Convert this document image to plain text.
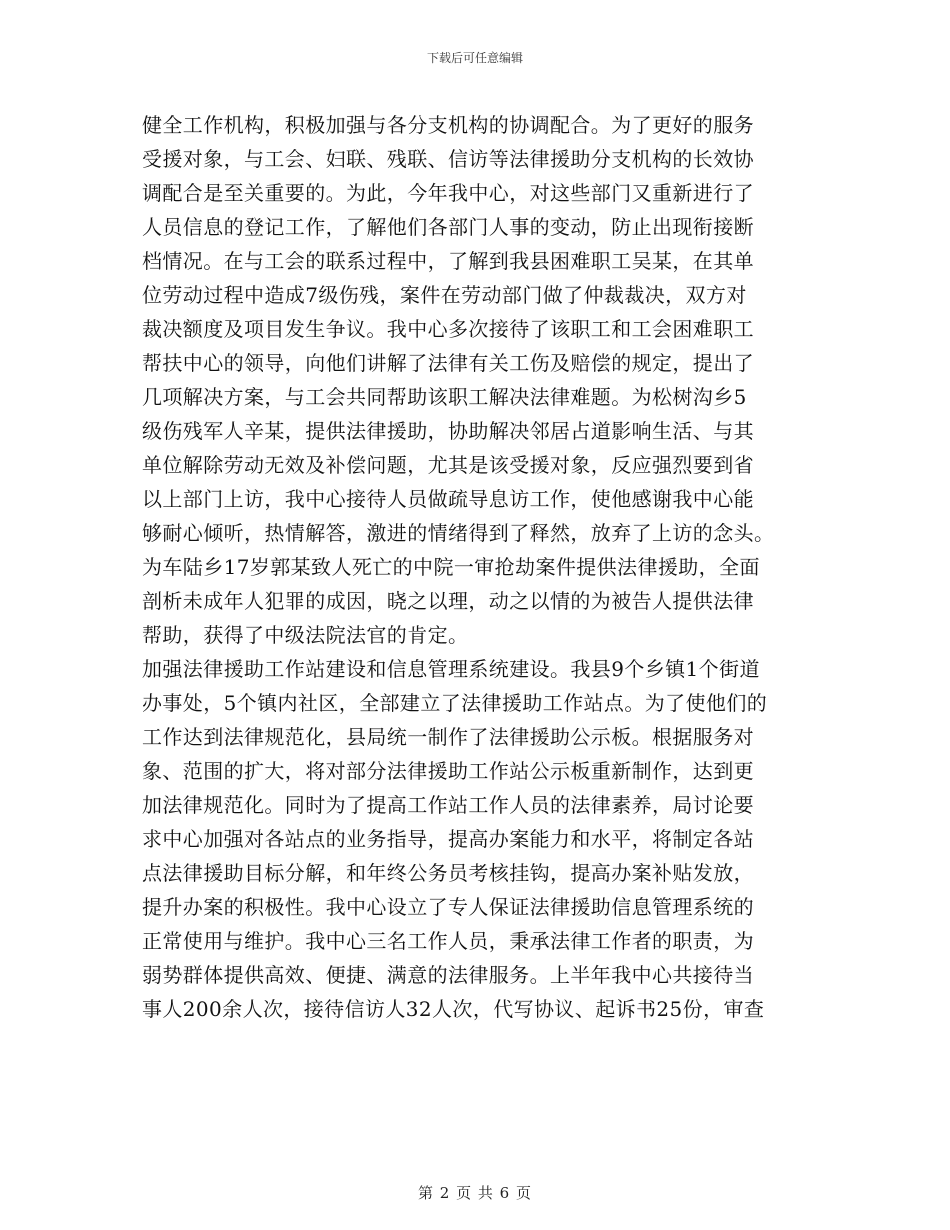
下载后可任意编辑
健全工作机构，积极加强与各分支机构的协调配合。为了更好的服务
受援对象，与工会、妇联、残联、信访等法律援助分支机构的长效协
调配合是至关重要的。为此，今年我中心，对这些部门又重新进行了
人员信息的登记工作，了解他们各部门人事的变动，防止出现衔接断
档情况。在与工会的联系过程中，了解到我县困难职工吴某，在其单
位劳动过程中造成7级伤残，案件在劳动部门做了仲裁裁决，双方对
裁决额度及项目发生争议。我中心多次接待了该职工和工会困难职工
帮扶中心的领导，向他们讲解了法律有关工伤及赔偿的规定，提出了
几项解决方案，与工会共同帮助该职工解决法律难题。为松树沟乡5
级伤残军人辛某，提供法律援助，协助解决邻居占道影响生活、与其
单位解除劳动无效及补偿问题，尤其是该受援对象，反应强烈要到省
以上部门上访，我中心接待人员做疏导息访工作，使他感谢我中心能
够耐心倾听，热情解答，激进的情绪得到了释然，放弃了上访的念头。
为车陆乡17岁郭某致人死亡的中院一审抢劫案件提供法律援助，全面
剖析未成年人犯罪的成因，晓之以理，动之以情的为被告人提供法律
帮助，获得了中级法院法官的肯定。
加强法律援助工作站建设和信息管理系统建设。我县9个乡镇1个街道
办事处，5个镇内社区，全部建立了法律援助工作站点。为了使他们的
工作达到法律规范化，县局统一制作了法律援助公示板。根据服务对
象、范围的扩大，将对部分法律援助工作站公示板重新制作，达到更
加法律规范化。同时为了提高工作站工作人员的法律素养，局讨论要
求中心加强对各站点的业务指导，提高办案能力和水平，将制定各站
点法律援助目标分解，和年终公务员考核挂钩，提高办案补贴发放，
提升办案的积极性。我中心设立了专人保证法律援助信息管理系统的
正常使用与维护。我中心三名工作人员，秉承法律工作者的职责，为
弱势群体提供高效、便捷、满意的法律服务。上半年我中心共接待当
事人200余人次，接待信访人32人次，代写协议、起诉书25份，审查
第 2 页 共 6 页
